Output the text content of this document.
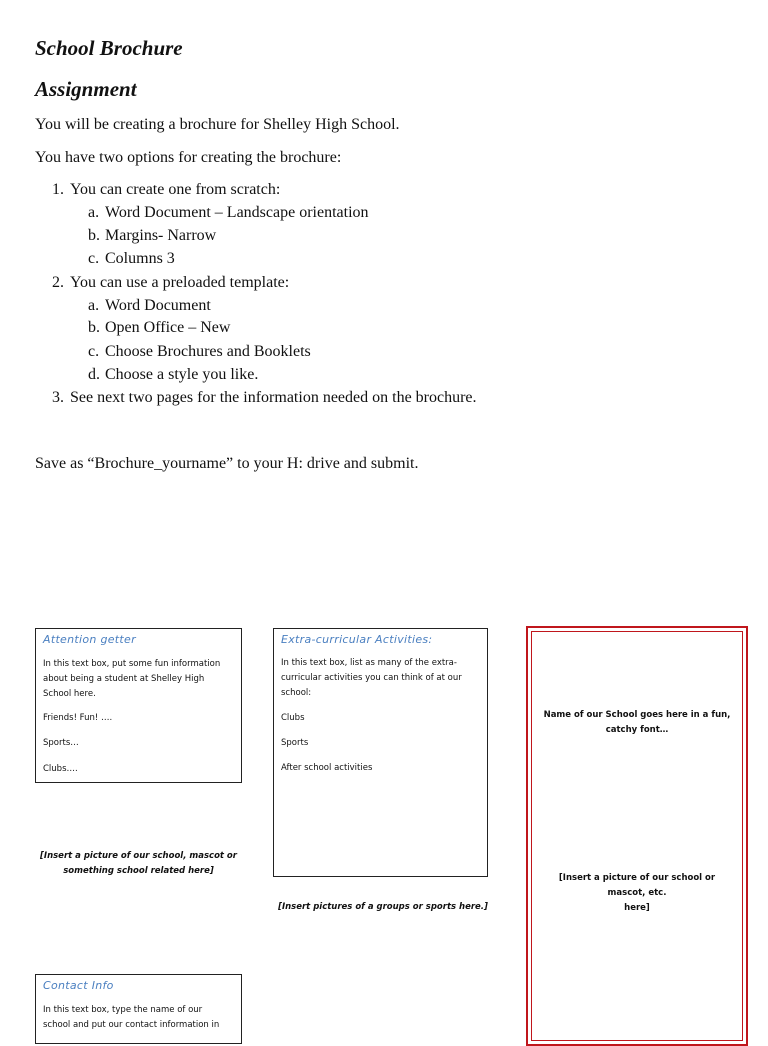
School Brochure
Assignment

You will be creating a brochure for Shelley High School.

You have two options for creating the brochure:

1. You can create one from scratch:

a. Word Document – Landscape orientation

b. Margins- Narrow

c. Columns 3

2. You can use a preloaded template:

a. Word Document

b. Open Office – New

c. Choose Brochures and Booklets

d. Choose a style you like.

3. See next two pages for the information needed on the brochure.

Save as “Brochure_yourname” to your H: drive and submit.

Attention getter
In this text box, put some fun information
about being a student at Shelley High
School here.
Friends! Fun! ….
Sports…
Clubs….
[Insert a picture of our school, mascot or
something school related here]
Extra-curricular Activities:
In this text box, list as many of the extra-
curricular activities you can think of at our
school:
Clubs
Sports
After school activities
[Insert pictures of a groups or sports here.]
Name of our School goes here in a fun,
catchy font…
[Insert a picture of our school or mascot, etc.
here]
Contact Info
In this text box, type the name of our
school and put our contact information in
